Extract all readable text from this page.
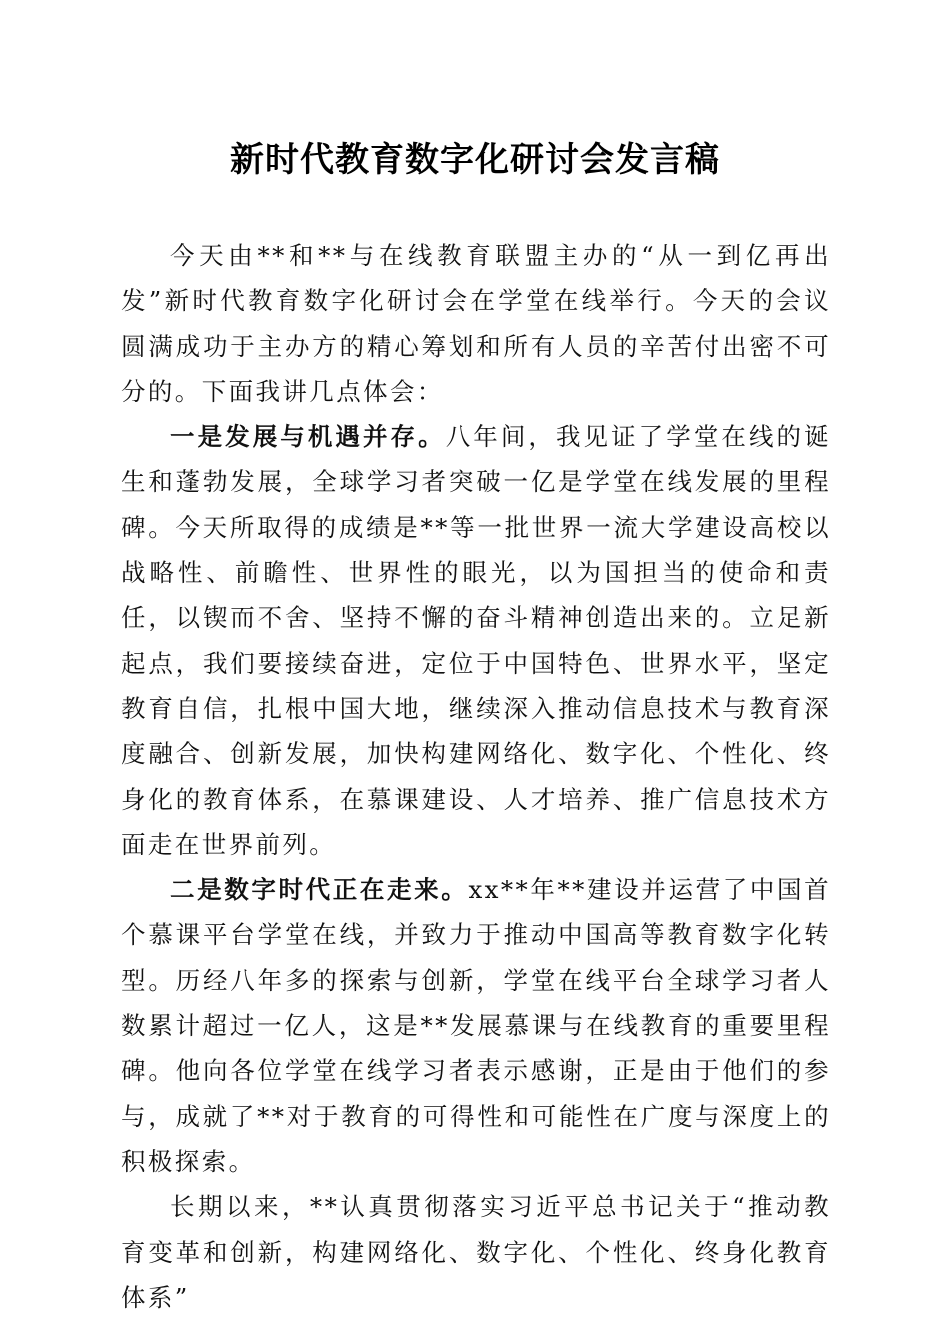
新时代教育数字化研讨会发言稿

今天由**和**与在线教育联盟主办的“从一到亿再出发”新时代教育数字化研讨会在学堂在线举行。今天的会议圆满成功于主办方的精心筹划和所有人员的辛苦付出密不可分的。下面我讲几点体会：

一是发展与机遇并存。八年间，我见证了学堂在线的诞生和蓬勃发展，全球学习者突破一亿是学堂在线发展的里程碑。今天所取得的成绩是**等一批世界一流大学建设高校以战略性、前瞻性、世界性的眼光，以为国担当的使命和责任，以锲而不舍、坚持不懈的奋斗精神创造出来的。立足新起点，我们要接续奋进，定位于中国特色、世界水平，坚定教育自信，扎根中国大地，继续深入推动信息技术与教育深度融合、创新发展，加快构建网络化、数字化、个性化、终身化的教育体系，在慕课建设、人才培养、推广信息技术方面走在世界前列。

二是数字时代正在走来。xx**年**建设并运营了中国首个慕课平台学堂在线，并致力于推动中国高等教育数字化转型。历经八年多的探索与创新，学堂在线平台全球学习者人数累计超过一亿人，这是**发展慕课与在线教育的重要里程碑。他向各位学堂在线学习者表示感谢，正是由于他们的参与，成就了**对于教育的可得性和可能性在广度与深度上的积极探索。

长期以来，**认真贯彻落实习近平总书记关于“推动教育变革和创新，构建网络化、数字化、个性化、终身化教育体系”
